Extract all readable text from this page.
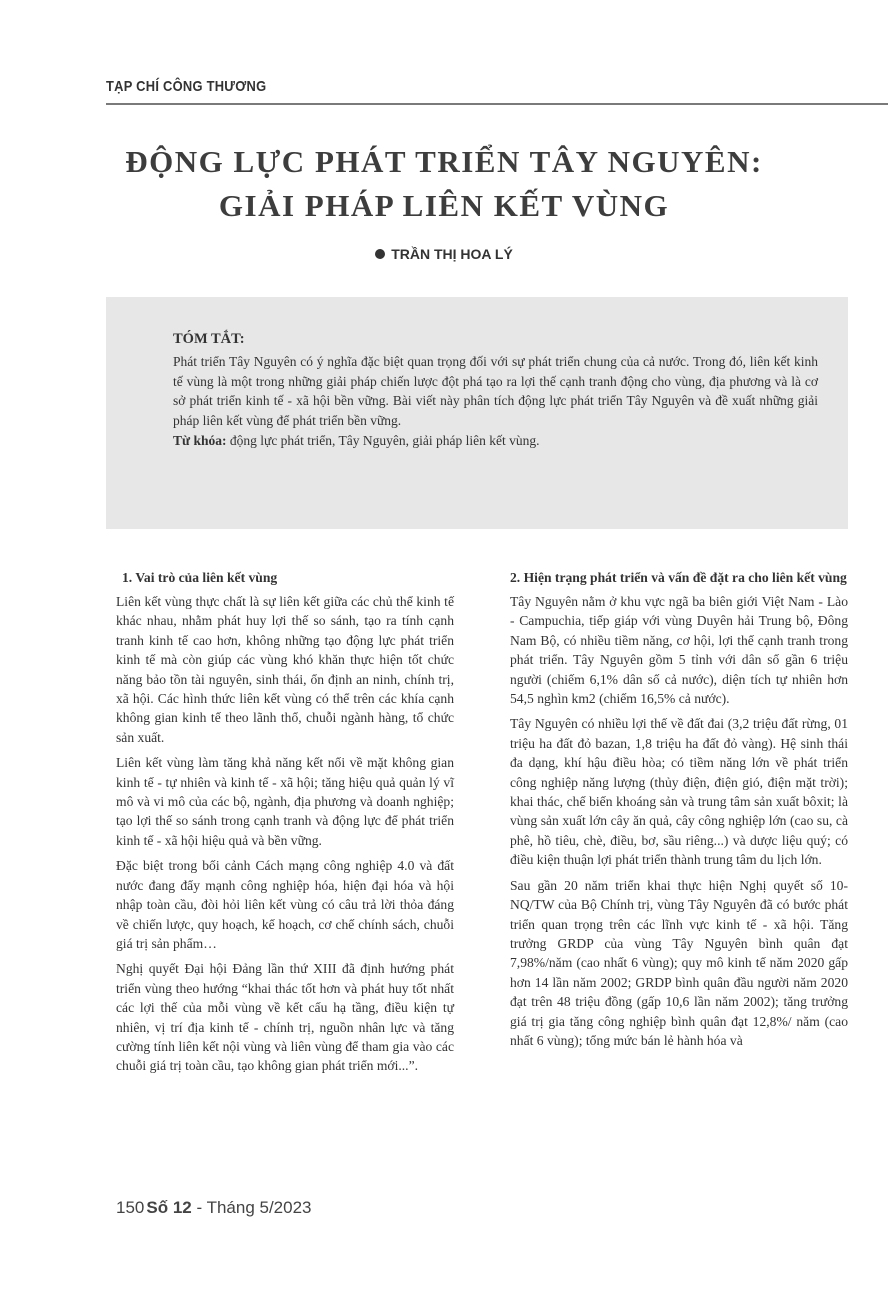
TẠP CHÍ CÔNG THƯƠNG
ĐỘNG LỰC PHÁT TRIỂN TÂY NGUYÊN:
GIẢI PHÁP LIÊN KẾT VÙNG
TRẦN THỊ HOA LÝ
TÓM TẮT:

Phát triển Tây Nguyên có ý nghĩa đặc biệt quan trọng đối với sự phát triển chung của cả nước. Trong đó, liên kết kinh tế vùng là một trong những giải pháp chiến lược đột phá tạo ra lợi thế cạnh tranh động cho vùng, địa phương và là cơ sở phát triển kinh tế - xã hội bền vững. Bài viết này phân tích động lực phát triển Tây Nguyên và đề xuất những giải pháp liên kết vùng để phát triển bền vững.

Từ khóa: động lực phát triển, Tây Nguyên, giải pháp liên kết vùng.
1. Vai trò của liên kết vùng

Liên kết vùng thực chất là sự liên kết giữa các chủ thể kinh tế khác nhau, nhằm phát huy lợi thế so sánh, tạo ra tính cạnh tranh kinh tế cao hơn, không những tạo động lực phát triển kinh tế mà còn giúp các vùng khó khăn thực hiện tốt chức năng bảo tồn tài nguyên, sinh thái, ổn định an ninh, chính trị, xã hội. Các hình thức liên kết vùng có thể trên các khía cạnh không gian kinh tế theo lãnh thổ, chuỗi ngành hàng, tổ chức sản xuất.

Liên kết vùng làm tăng khả năng kết nối về mặt không gian kinh tế - tự nhiên và kinh tế - xã hội; tăng hiệu quả quản lý vĩ mô và vi mô của các bộ, ngành, địa phương và doanh nghiệp; tạo lợi thế so sánh trong cạnh tranh và động lực để phát triển kinh tế - xã hội hiệu quả và bền vững.

Đặc biệt trong bối cảnh Cách mạng công nghiệp 4.0 và đất nước đang đẩy mạnh công nghiệp hóa, hiện đại hóa và hội nhập toàn cầu, đòi hỏi liên kết vùng có câu trả lời thỏa đáng về chiến lược, quy hoạch, kế hoạch, cơ chế chính sách, chuỗi giá trị sản phẩm…

Nghị quyết Đại hội Đảng lần thứ XIII đã định hướng phát triển vùng theo hướng “khai thác tốt hơn và phát huy tốt nhất các lợi thế của mỗi vùng về kết cấu hạ tầng, điều kiện tự nhiên, vị trí địa kinh tế - chính trị, nguồn nhân lực và tăng cường tính liên kết nội vùng và liên vùng để tham gia vào các chuỗi giá trị toàn cầu, tạo không gian phát triển mới...”.

2. Hiện trạng phát triển và vấn đề đặt ra cho liên kết vùng

Tây Nguyên nằm ở khu vực ngã ba biên giới Việt Nam - Lào - Campuchia, tiếp giáp với vùng Duyên hải Trung bộ, Đông Nam Bộ, có nhiều tiềm năng, cơ hội, lợi thế cạnh tranh trong phát triển. Tây Nguyên gồm 5 tỉnh với dân số gần 6 triệu người (chiếm 6,1% dân số cả nước), diện tích tự nhiên hơn 54,5 nghìn km2 (chiếm 16,5% cả nước).

Tây Nguyên có nhiều lợi thế về đất đai (3,2 triệu đất rừng, 01 triệu ha đất đỏ bazan, 1,8 triệu ha đất đỏ vàng). Hệ sinh thái đa dạng, khí hậu điều hòa; có tiềm năng lớn về phát triển công nghiệp năng lượng (thủy điện, điện gió, điện mặt trời); khai thác, chế biến khoáng sản và trung tâm sản xuất bôxit; là vùng sản xuất lớn cây ăn quả, cây công nghiệp lớn (cao su, cà phê, hồ tiêu, chè, điều, bơ, sầu riêng...) và dược liệu quý; có điều kiện thuận lợi phát triển thành trung tâm du lịch lớn.

Sau gần 20 năm triển khai thực hiện Nghị quyết số 10-NQ/TW của Bộ Chính trị, vùng Tây Nguyên đã có bước phát triển quan trọng trên các lĩnh vực kinh tế - xã hội. Tăng trưởng GRDP của vùng Tây Nguyên bình quân đạt 7,98%/năm (cao nhất 6 vùng); quy mô kinh tế năm 2020 gấp hơn 14 lần năm 2002; GRDP bình quân đầu người năm 2020 đạt trên 48 triệu đồng (gấp 10,6 lần năm 2002); tăng trưởng giá trị gia tăng công nghiệp bình quân đạt 12,8%/ năm (cao nhất 6 vùng); tổng mức bán lẻ hành hóa và

150 Số 12 - Tháng 5/2023
